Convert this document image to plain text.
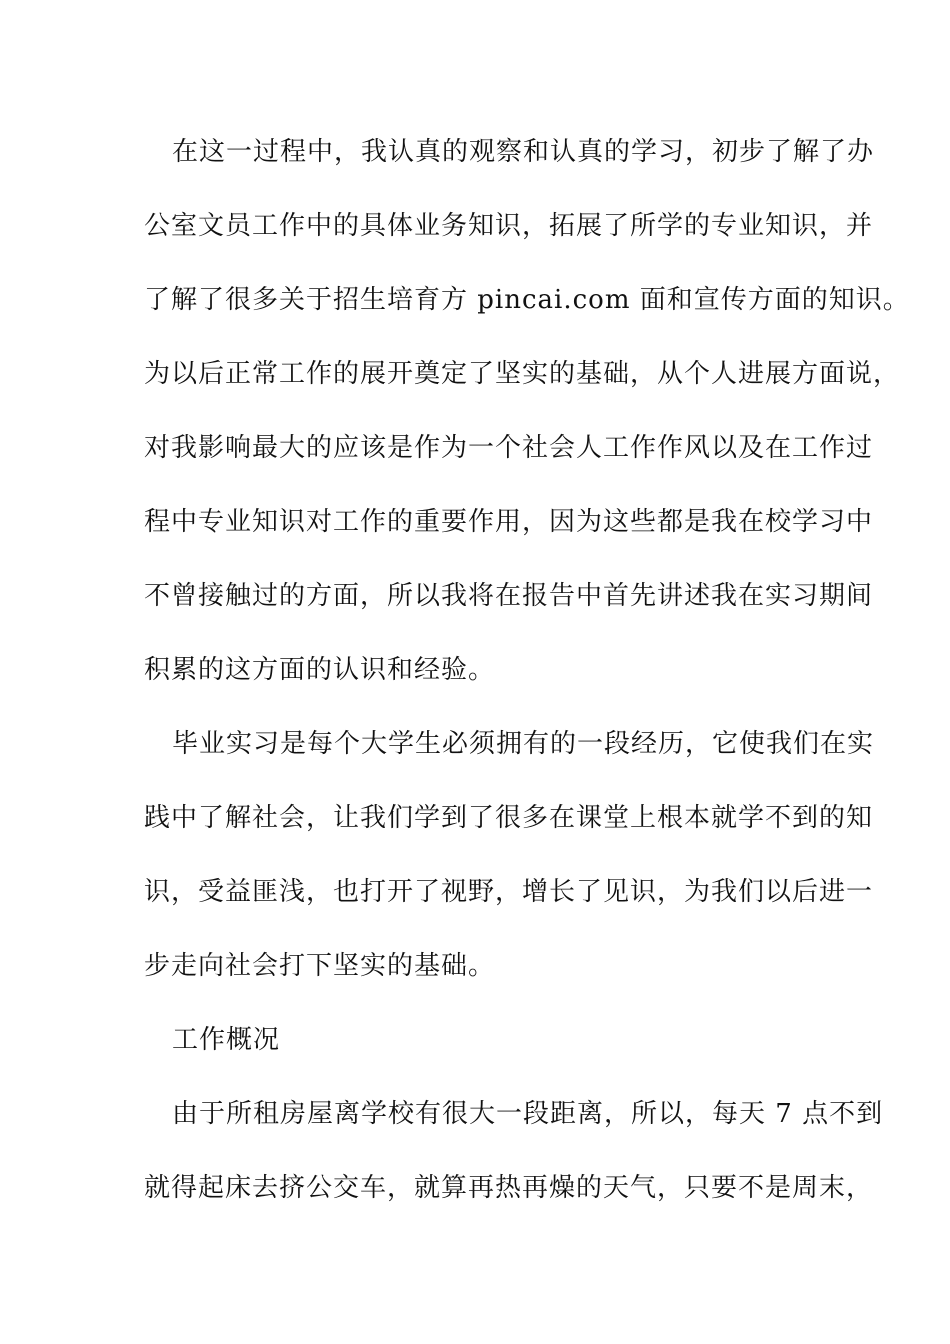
在这一过程中，我认真的观察和认真的学习，初步了解了办
公室文员工作中的具体业务知识，拓展了所学的专业知识，并
了解了很多关于招生培育方 pincai.com 面和宣传方面的知识。
为以后正常工作的展开奠定了坚实的基础，从个人进展方面说，
对我影响最大的应该是作为一个社会人工作作风以及在工作过
程中专业知识对工作的重要作用，因为这些都是我在校学习中
不曾接触过的方面，所以我将在报告中首先讲述我在实习期间
积累的这方面的认识和经验。
毕业实习是每个大学生必须拥有的一段经历，它使我们在实
践中了解社会，让我们学到了很多在课堂上根本就学不到的知
识，受益匪浅，也打开了视野，增长了见识，为我们以后进一
步走向社会打下坚实的基础。
工作概况
由于所租房屋离学校有很大一段距离，所以，每天 7 点不到
就得起床去挤公交车，就算再热再燥的天气，只要不是周末，
